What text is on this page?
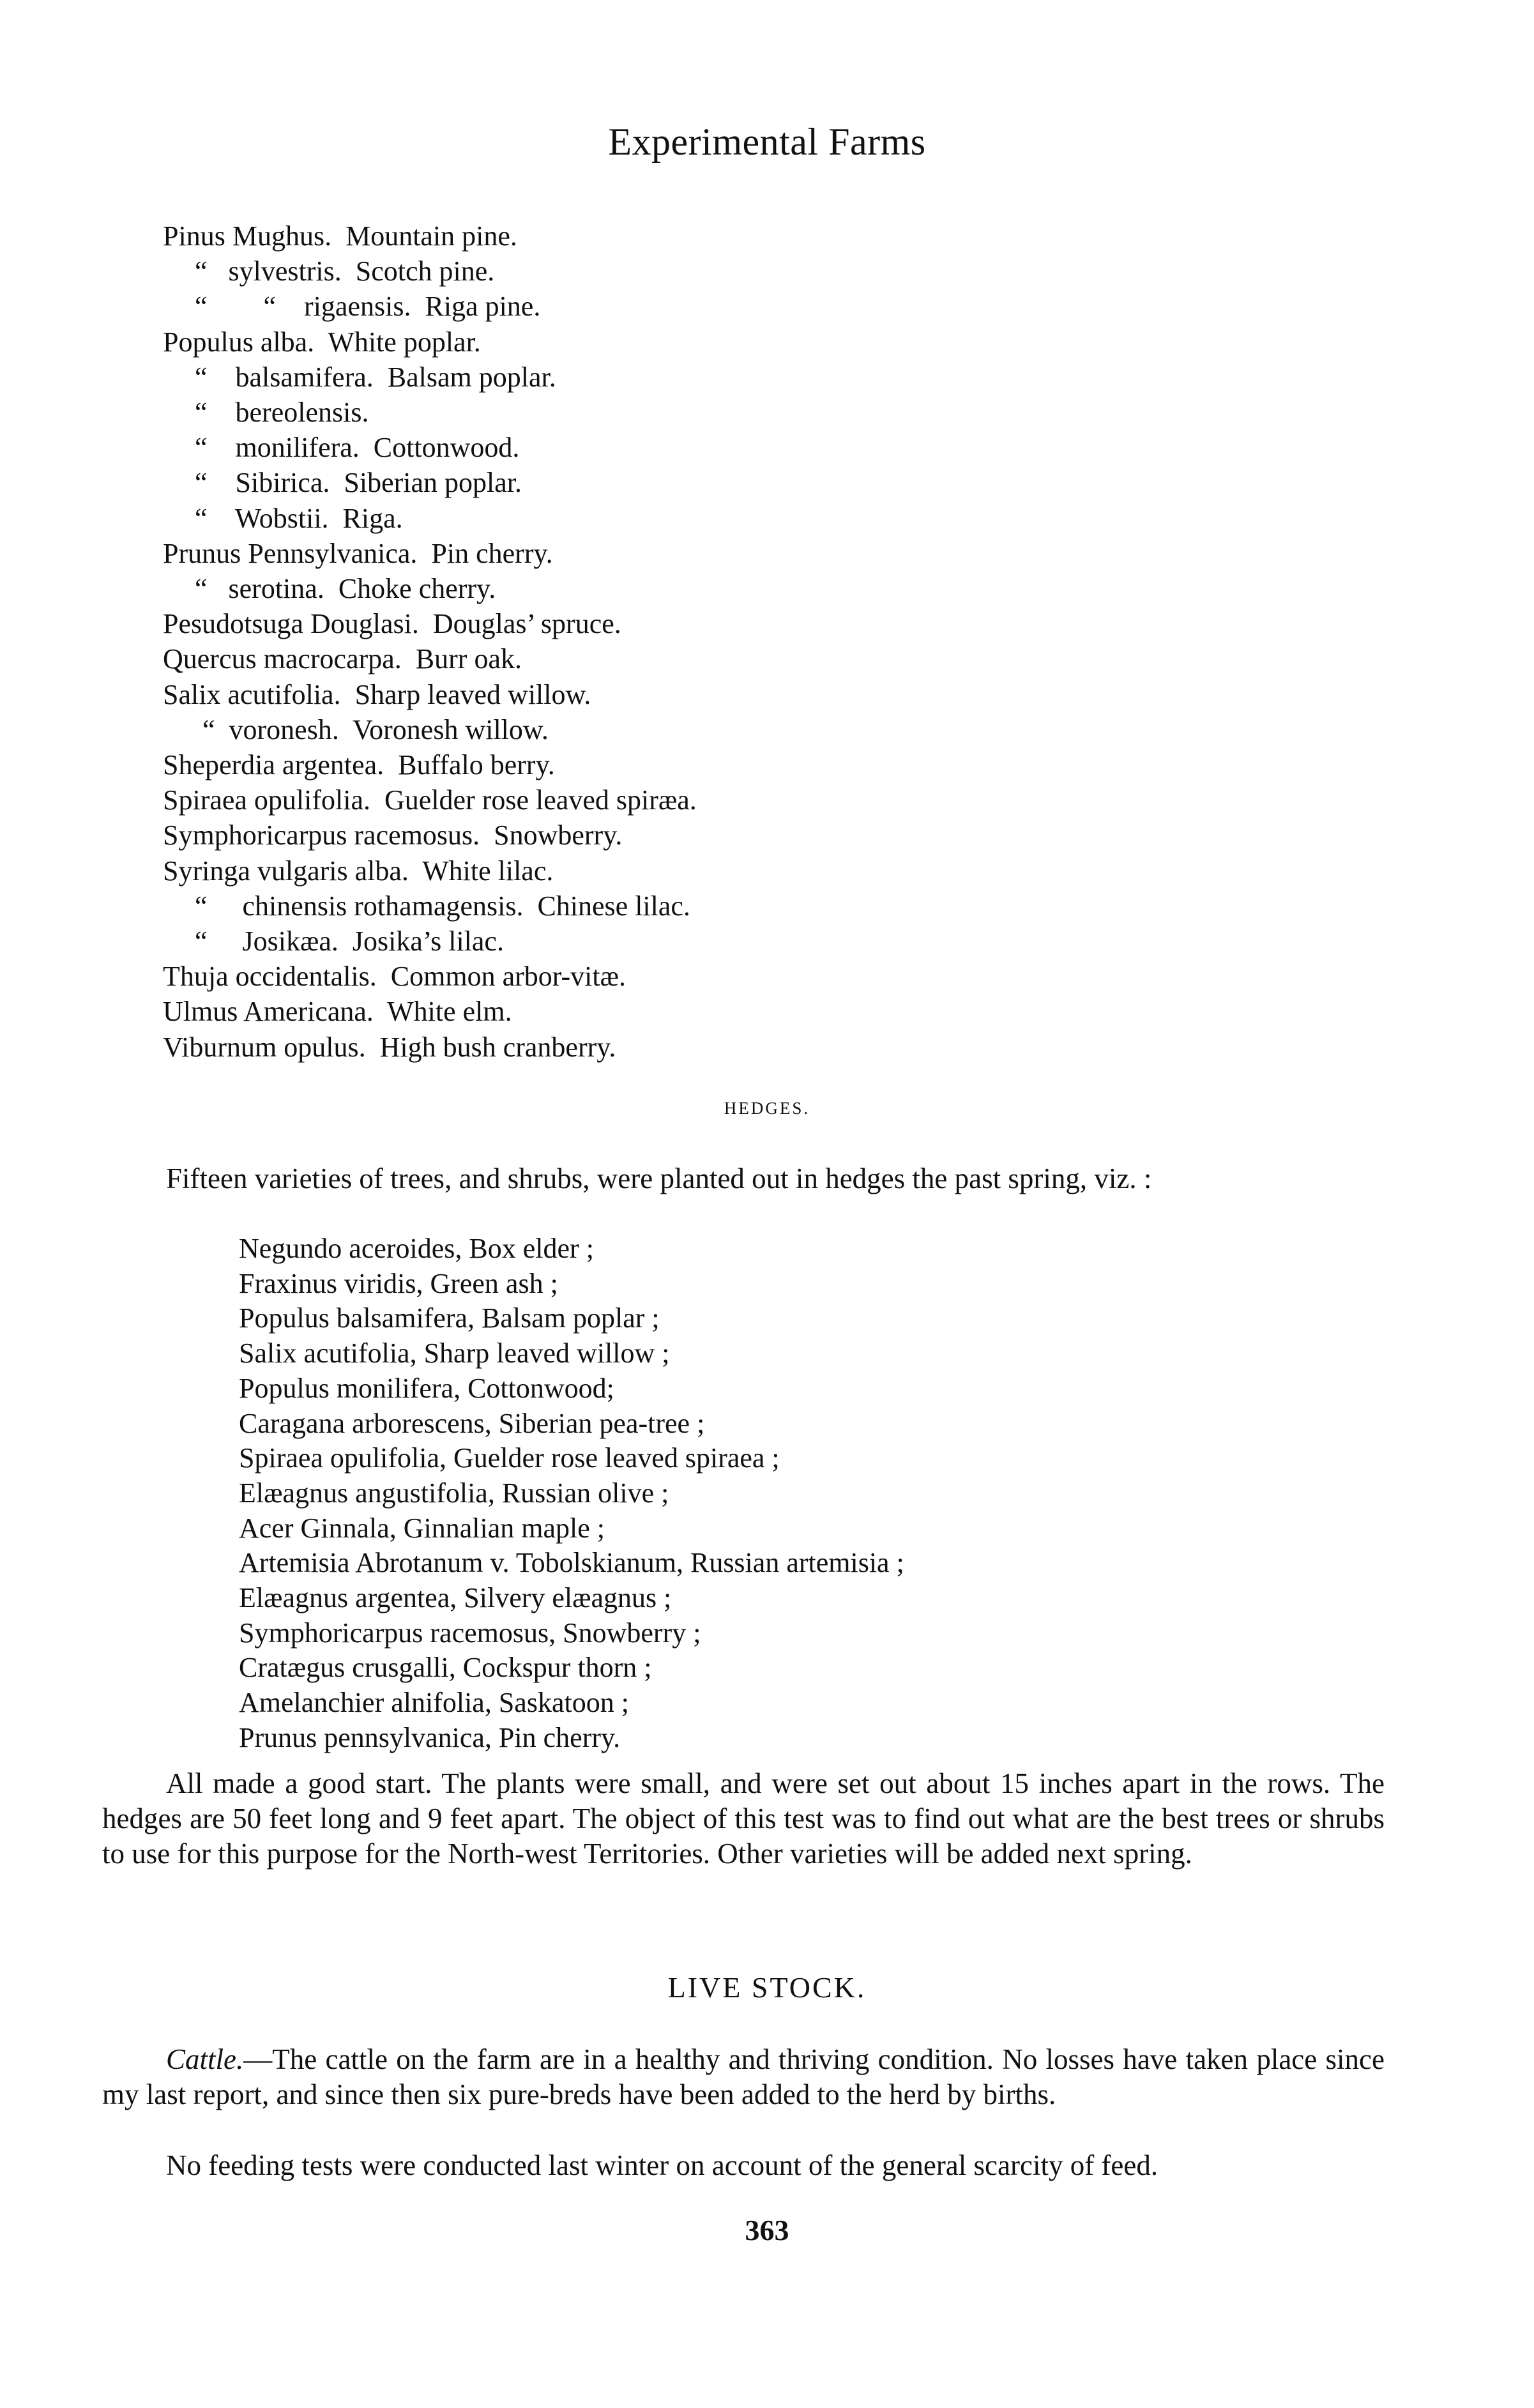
Experimental Farms
Pinus Mughus.  Mountain pine.
“   sylvestris.  Scotch pine.
“        “    rigaensis.  Riga pine.
Populus alba.  White poplar.
“    balsamifera.  Balsam poplar.
“    bereolensis.
“    monilifera.  Cottonwood.
“    Sibirica.  Siberian poplar.
“    Wobstii.  Riga.
Prunus Pennsylvanica.  Pin cherry.
“   serotina.  Choke cherry.
Pesudotsuga Douglasi.  Douglas’ spruce.
Quercus macrocarpa.  Burr oak.
Salix acutifolia.  Sharp leaved willow.
“  voronesh.  Voronesh willow.
Sheperdia argentea.  Buffalo berry.
Spiraea opulifolia.  Guelder rose leaved spiræa.
Symphoricarpus racemosus.  Snowberry.
Syringa vulgaris alba.  White lilac.
“     chinensis rothamagensis.  Chinese lilac.
“     Josikæa.  Josika’s lilac.
Thuja occidentalis.  Common arbor-vitæ.
Ulmus Americana.  White elm.
Viburnum opulus.  High bush cranberry.
HEDGES.
Fifteen varieties of trees, and shrubs, were planted out in hedges the past spring, viz. :
Negundo aceroides, Box elder ;
Fraxinus viridis, Green ash ;
Populus balsamifera, Balsam poplar ;
Salix acutifolia, Sharp leaved willow ;
Populus monilifera, Cottonwood;
Caragana arborescens, Siberian pea-tree ;
Spiraea opulifolia, Guelder rose leaved spiraea ;
Elæagnus angustifolia, Russian olive ;
Acer Ginnala, Ginnalian maple ;
Artemisia Abrotanum v. Tobolskianum, Russian artemisia ;
Elæagnus argentea, Silvery elæagnus ;
Symphoricarpus racemosus, Snowberry ;
Cratægus crusgalli, Cockspur thorn ;
Amelanchier alnifolia, Saskatoon ;
Prunus pennsylvanica, Pin cherry.
All made a good start. The plants were small, and were set out about 15 inches apart in the rows. The hedges are 50 feet long and 9 feet apart. The object of this test was to find out what are the best trees or shrubs to use for this purpose for the North-west Territories. Other varieties will be added next spring.
LIVE STOCK.
Cattle.—The cattle on the farm are in a healthy and thriving condition. No losses have taken place since my last report, and since then six pure-breds have been added to the herd by births.
No feeding tests were conducted last winter on account of the general scarcity of feed.
363
